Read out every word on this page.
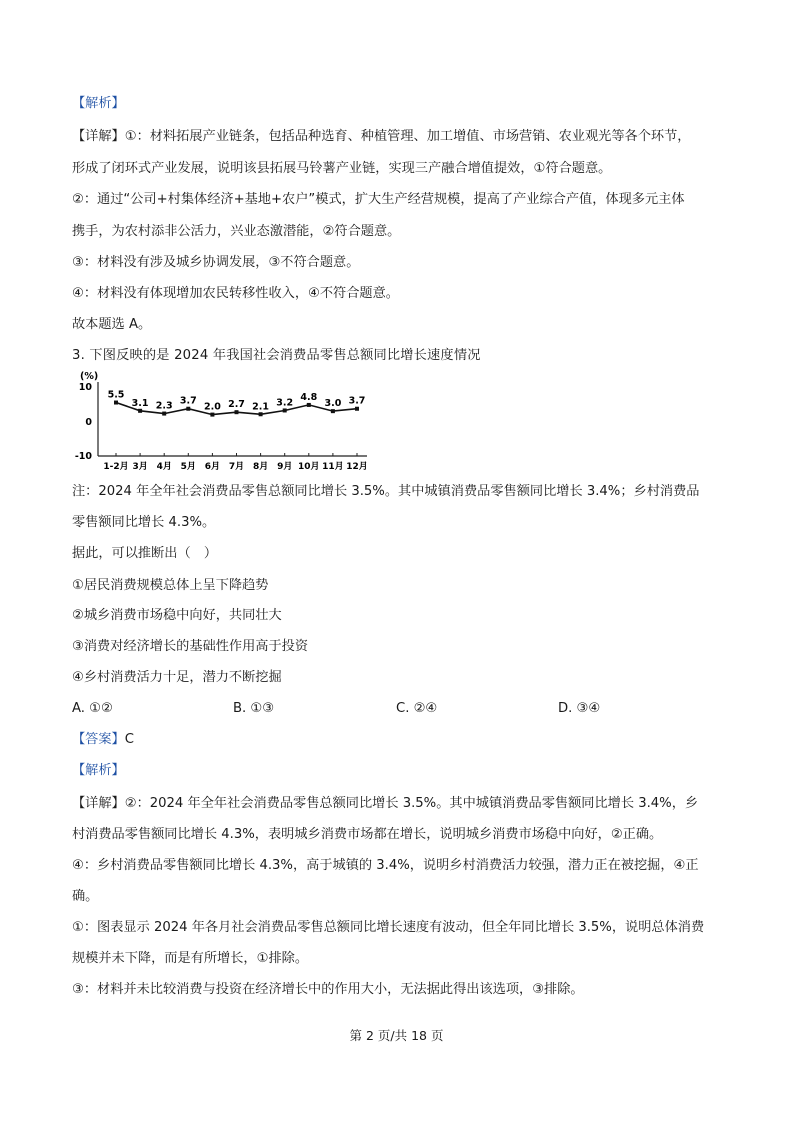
【解析】
【详解】①：材料拓展产业链条，包括品种选育、种植管理、加工增值、市场营销、农业观光等各个环节，
形成了闭环式产业发展，说明该县拓展马铃薯产业链，实现三产融合增值提效，①符合题意。
②：通过“公司+村集体经济+基地+农户”模式，扩大生产经营规模，提高了产业综合产值，体现多元主体
携手，为农村添非公活力，兴业态激潜能，②符合题意。
③：材料没有涉及城乡协调发展，③不符合题意。
④：材料没有体现增加农民转移性收入，④不符合题意。
故本题选 A。
3. 下图反映的是 2024 年我国社会消费品零售总额同比增长速度情况
(%)
10
0
-10
5.5
1-2月
3.1
3月
2.3
4月
3.7
5月
2.0
6月
2.7
7月
2.1
8月
3.2
9月
4.8
10月
3.0
11月
3.7
12月
注：2024 年全年社会消费品零售总额同比增长 3.5%。其中城镇消费品零售额同比增长 3.4%；乡村消费品
零售额同比增长 4.3%。
据此，可以推断出（　）
①居民消费规模总体上呈下降趋势
②城乡消费市场稳中向好，共同壮大
③消费对经济增长的基础性作用高于投资
④乡村消费活力十足，潜力不断挖掘
A. ①②	B. ①③	C. ②④	D. ③④
【答案】C
【解析】
【详解】②：2024 年全年社会消费品零售总额同比增长 3.5%。其中城镇消费品零售额同比增长 3.4%，乡
村消费品零售额同比增长 4.3%，表明城乡消费市场都在增长，说明城乡消费市场稳中向好，②正确。
④：乡村消费品零售额同比增长 4.3%，高于城镇的 3.4%，说明乡村消费活力较强，潜力正在被挖掘，④正
确。
①：图表显示 2024 年各月社会消费品零售总额同比增长速度有波动，但全年同比增长 3.5%，说明总体消费
规模并未下降，而是有所增长，①排除。
③：材料并未比较消费与投资在经济增长中的作用大小，无法据此得出该选项，③排除。
第 2 页/共 18 页
